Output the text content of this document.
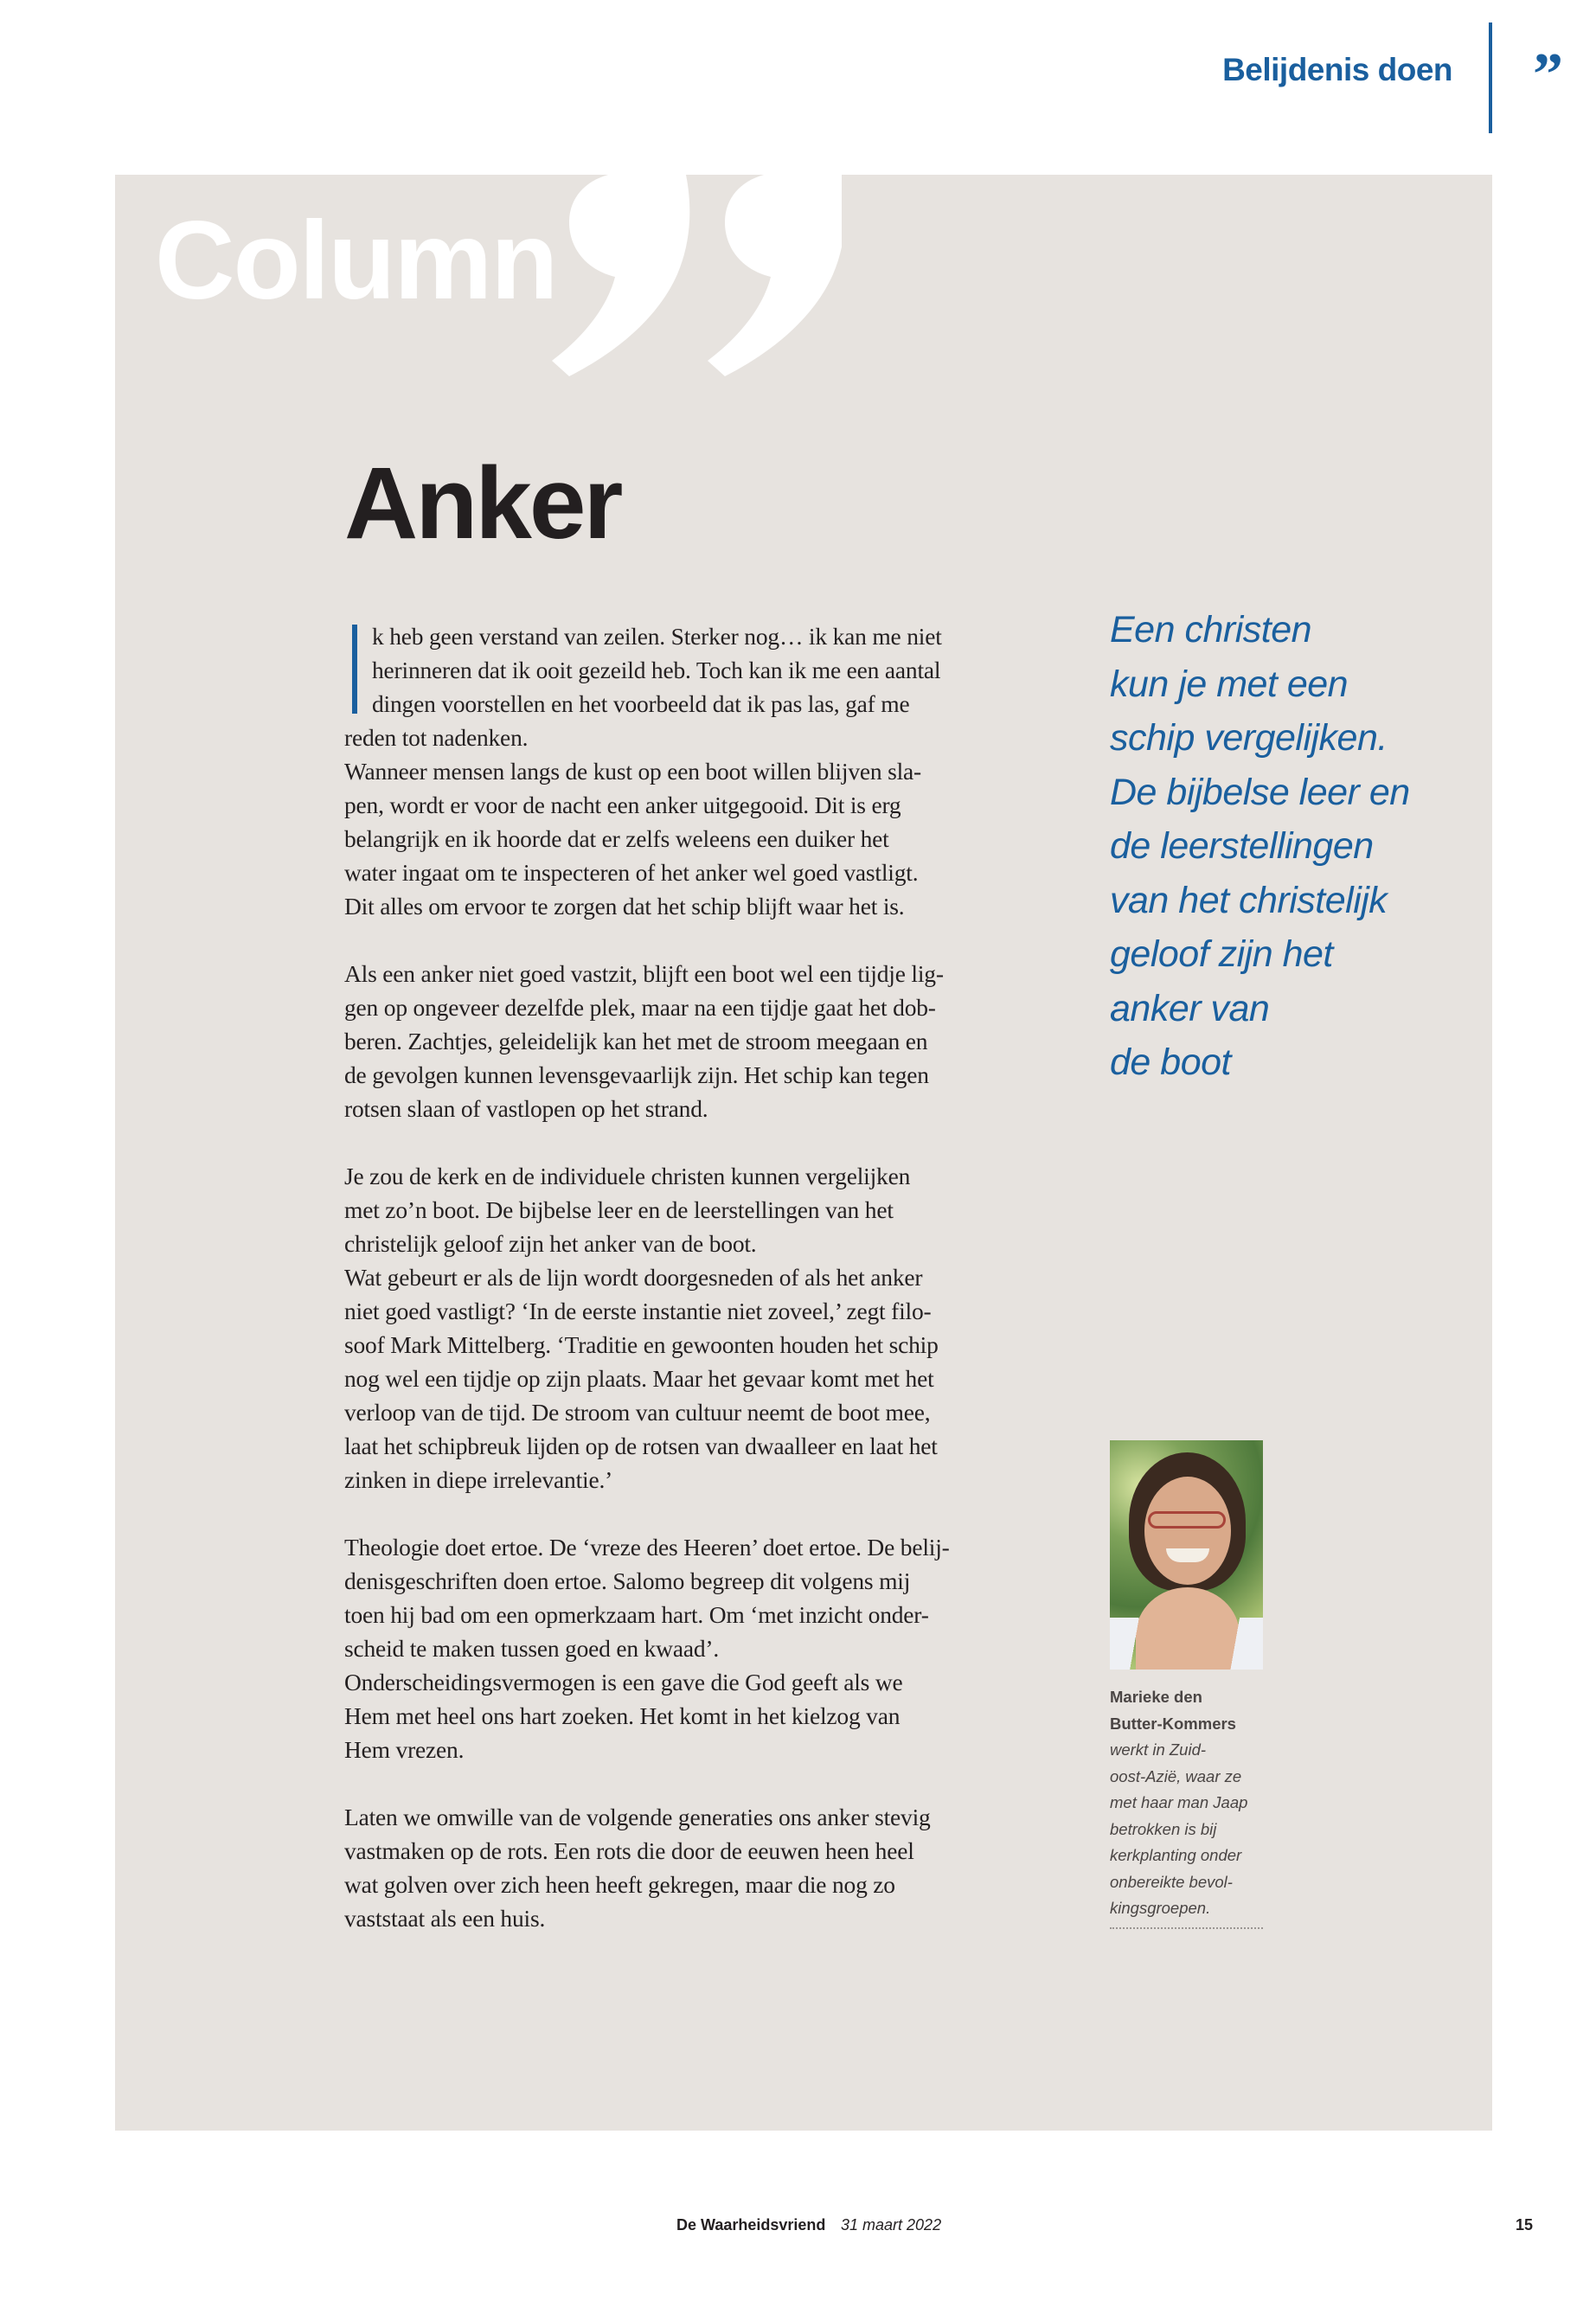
Belijdenis doen ”
Column
Anker
k heb geen verstand van zeilen. Sterker nog… ik kan me niet
herinneren dat ik ooit gezeild heb. Toch kan ik me een aantal
dingen voorstellen en het voorbeeld dat ik pas las, gaf me
reden tot nadenken.
Wanneer mensen langs de kust op een boot willen blijven sla-
pen, wordt er voor de nacht een anker uitgegooid. Dit is erg
belangrijk en ik hoorde dat er zelfs weleens een duiker het
water ingaat om te inspecteren of het anker wel goed vastligt.
Dit alles om ervoor te zorgen dat het schip blijft waar het is.
Als een anker niet goed vastzit, blijft een boot wel een tijdje lig-
gen op ongeveer dezelfde plek, maar na een tijdje gaat het dob-
beren. Zachtjes, geleidelijk kan het met de stroom meegaan en
de gevolgen kunnen levensgevaarlijk zijn. Het schip kan tegen
rotsen slaan of vastlopen op het strand.
Je zou de kerk en de individuele christen kunnen vergelijken
met zo’n boot. De bijbelse leer en de leerstellingen van het
christelijk geloof zijn het anker van de boot.
Wat gebeurt er als de lijn wordt doorgesneden of als het anker
niet goed vastligt? ‘In de eerste instantie niet zoveel,’ zegt filo-
soof Mark Mittelberg. ‘Traditie en gewoonten houden het schip
nog wel een tijdje op zijn plaats. Maar het gevaar komt met het
verloop van de tijd. De stroom van cultuur neemt de boot mee,
laat het schipbreuk lijden op de rotsen van dwaalleer en laat het
zinken in diepe irrelevantie.’
Theologie doet ertoe. De ‘vreze des Heeren’ doet ertoe. De belij-
denisgeschriften doen ertoe. Salomo begreep dit volgens mij
toen hij bad om een opmerkzaam hart. Om ‘met inzicht onder-
scheid te maken tussen goed en kwaad’.
Onderscheidingsvermogen is een gave die God geeft als we
Hem met heel ons hart zoeken. Het komt in het kielzog van
Hem vrezen.
Laten we omwille van de volgende generaties ons anker stevig
vastmaken op de rots. Een rots die door de eeuwen heen heel
wat golven over zich heen heeft gekregen, maar die nog zo
vaststaat als een huis.
Een christen
kun je met een
schip vergelijken.
De bijbelse leer en
de leerstellingen
van het christelijk
geloof zijn het
anker van
de boot
Marieke den
Butter-Kommers
werkt in Zuid-
oost-Azië, waar ze
met haar man Jaap
betrokken is bij
kerkplanting onder
onbereikte bevol-
kingsgroepen.
De Waarheidsvriend 31 maart 2022	15
